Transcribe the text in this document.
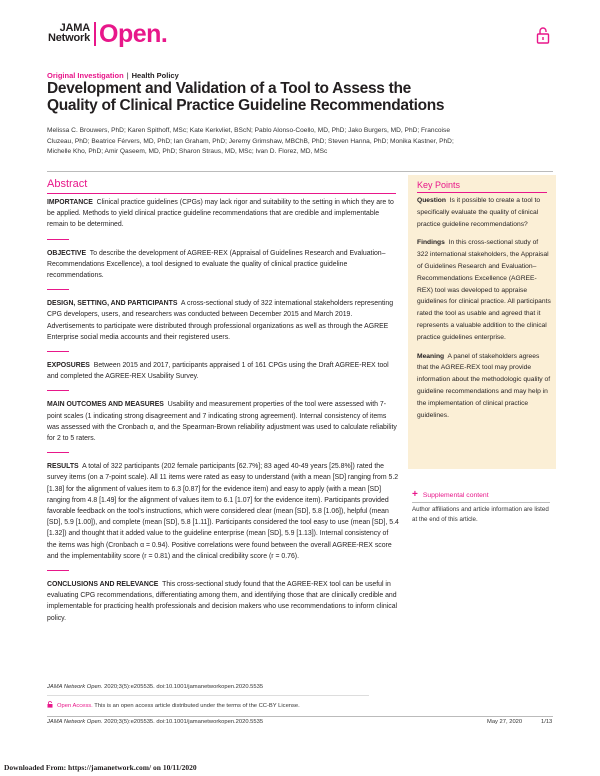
JAMA
Network Open.
Original Investigation | Health Policy
Development and Validation of a Tool to Assess the Quality of Clinical Practice Guideline Recommendations
Melissa C. Brouwers, PhD; Karen Spithoff, MSc; Kate Kerkvliet, BScN; Pablo Alonso-Coello, MD, PhD; Jako Burgers, MD, PhD; Francoise Cluzeau, PhD; Beatrice Férvers, MD, PhD; Ian Graham, PhD; Jeremy Grimshaw, MBChB, PhD; Steven Hanna, PhD; Monika Kastner, PhD; Michelle Kho, PhD; Amir Qaseem, MD, PhD; Sharon Straus, MD, MSc; Ivan D. Florez, MD, MSc
Abstract

IMPORTANCE Clinical practice guidelines (CPGs) may lack rigor and suitability to the setting in which they are to be applied. Methods to yield clinical practice guideline recommendations that are credible and implementable remain to be determined.

OBJECTIVE To describe the development of AGREE-REX (Appraisal of Guidelines Research and Evaluation–Recommendations Excellence), a tool designed to evaluate the quality of clinical practice guideline recommendations.

DESIGN, SETTING, AND PARTICIPANTS A cross-sectional study of 322 international stakeholders representing CPG developers, users, and researchers was conducted between December 2015 and March 2019. Advertisements to participate were distributed through professional organizations as well as through the AGREE Enterprise social media accounts and their registered users.

EXPOSURES Between 2015 and 2017, participants appraised 1 of 161 CPGs using the Draft AGREE-REX tool and completed the AGREE-REX Usability Survey.

MAIN OUTCOMES AND MEASURES Usability and measurement properties of the tool were assessed with 7-point scales (1 indicating strong disagreement and 7 indicating strong agreement). Internal consistency of items was assessed with the Cronbach α, and the Spearman-Brown reliability adjustment was used to calculate reliability for 2 to 5 raters.

RESULTS A total of 322 participants (202 female participants [62.7%]; 83 aged 40-49 years [25.8%]) rated the survey items (on a 7-point scale). All 11 items were rated as easy to understand (with a mean [SD] ranging from 5.2 [1.38] for the alignment of values item to 6.3 [0.87] for the evidence item) and easy to apply (with a mean [SD] ranging from 4.8 [1.49] for the alignment of values item to 6.1 [1.07] for the evidence item). Participants provided favorable feedback on the tool's instructions, which were considered clear (mean [SD], 5.8 [1.06]), helpful (mean [SD], 5.9 [1.00]), and complete (mean [SD], 5.8 [1.11]). Participants considered the tool easy to use (mean [SD], 5.4 [1.32]) and thought that it added value to the guideline enterprise (mean [SD], 5.9 [1.13]). Internal consistency of the items was high (Cronbach α = 0.94). Positive correlations were found between the overall AGREE-REX score and the implementability score (r = 0.81) and the clinical credibility score (r = 0.76).

CONCLUSIONS AND RELEVANCE This cross-sectional study found that the AGREE-REX tool can be useful in evaluating CPG recommendations, differentiating among them, and identifying those that are clinically credible and implementable for practicing health professionals and decision makers who use recommendations to inform clinical policy.

Key Points

Question Is it possible to create a tool to specifically evaluate the quality of clinical practice guideline recommendations?

Findings In this cross-sectional study of 322 international stakeholders, the Appraisal of Guidelines Research and Evaluation–Recommendations Excellence (AGREE-REX) tool was developed to appraise guidelines for clinical practice. All participants rated the tool as usable and agreed that it represents a valuable addition to the clinical practice guidelines enterprise.

Meaning A panel of stakeholders agrees that the AGREE-REX tool may provide information about the methodologic quality of guideline recommendations and may help in the implementation of clinical practice guidelines.

+ Supplemental content
Author affiliations and article information are listed at the end of this article.
JAMA Network Open. 2020;3(5):e205535. doi:10.1001/jamanetworkopen.2020.5535
Open Access. This is an open access article distributed under the terms of the CC-BY License.
JAMA Network Open. 2020;3(5):e205535. doi:10.1001/jamanetworkopen.2020.5535	May 27, 2020	1/13
Downloaded From: https://jamanetwork.com/ on 10/11/2020
